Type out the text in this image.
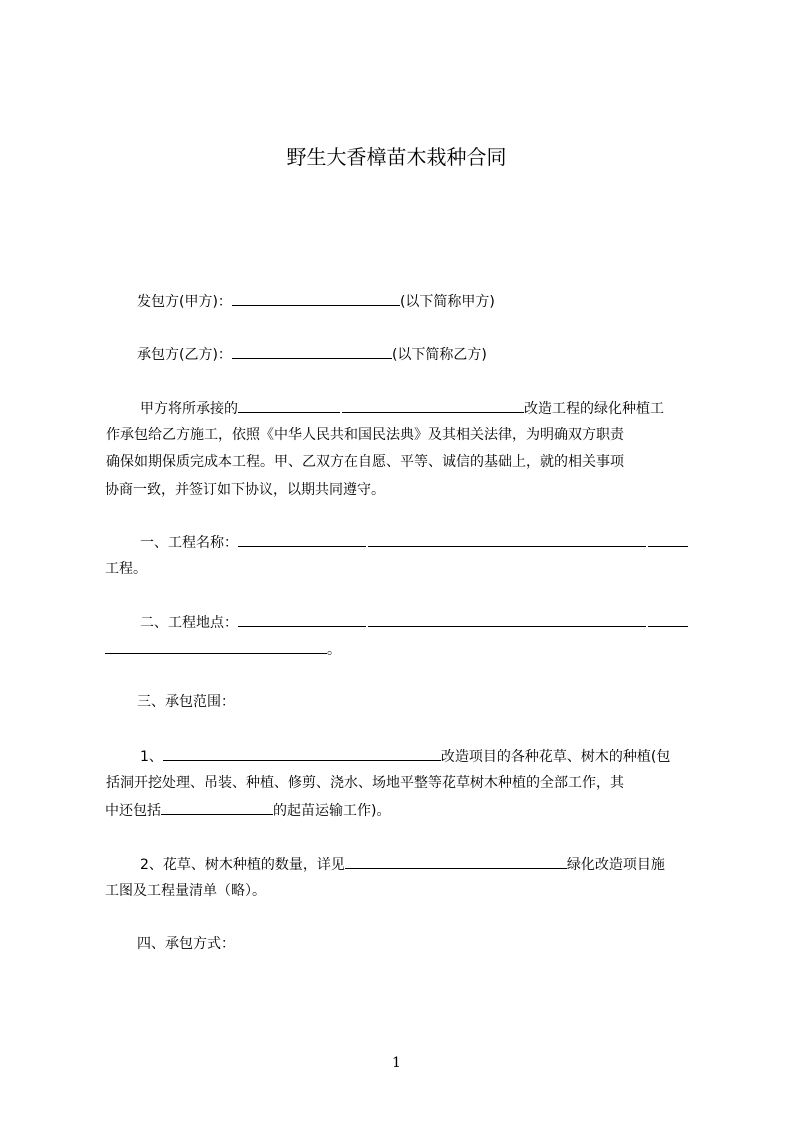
野生大香樟苗木栽种合同
发包方(甲方)：	(以下简称甲方)
承包方(乙方)：	(以下简称乙方)
甲方将所承接的	改造工程的绿化种植工
作承包给乙方施工，依照《中华人民共和国民法典》及其相关法律，为明确双方职责
确保如期保质完成本工程。甲、乙双方在自愿、平等、诚信的基础上，就的相关事项
协商一致，并签订如下协议，以期共同遵守。
一、工程名称：
工程。
二、工程地点：
。
三、承包范围：
1、	改造项目的各种花草、树木的种植(包
括洞开挖处理、吊装、种植、修剪、浇水、场地平整等花草树木种植的全部工作，其
中还包括	的起苗运输工作)。
2、花草、树木种植的数量，详见	绿化改造项目施
工图及工程量清单（略）。
四、承包方式：
1
